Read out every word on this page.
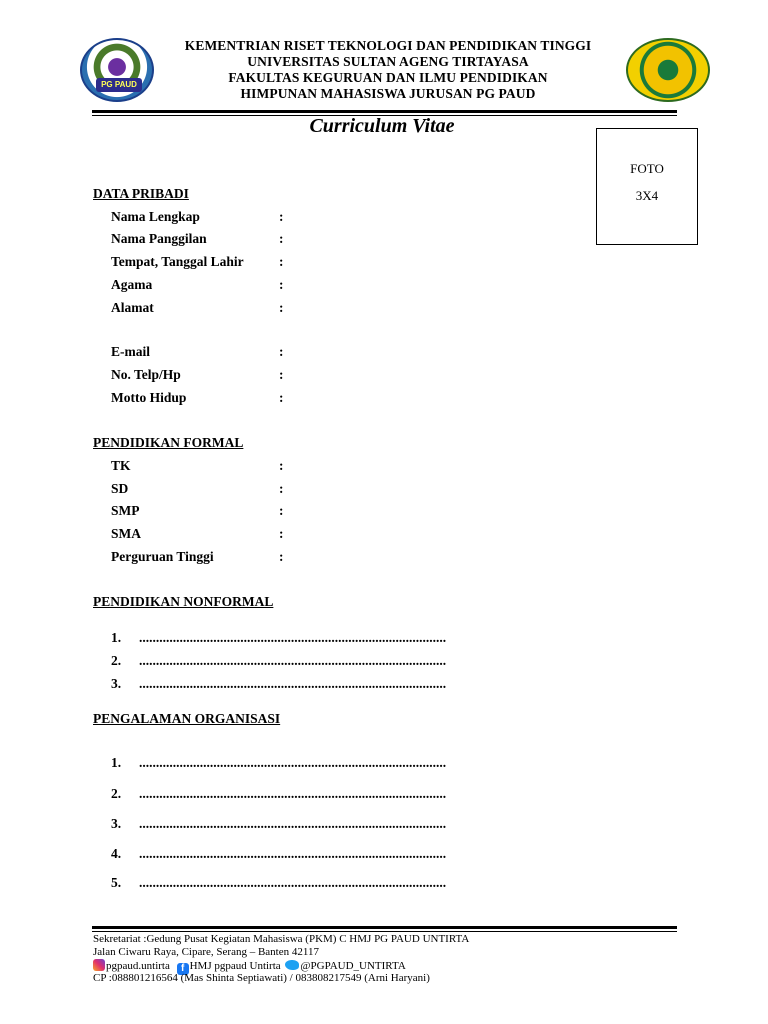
PG PAUD
KEMENTRIAN RISET TEKNOLOGI DAN PENDIDIKAN TINGGI
UNIVERSITAS SULTAN AGENG TIRTAYASA
FAKULTAS KEGURUAN DAN ILMU PENDIDIKAN
HIMPUNAN MAHASISWA JURUSAN PG PAUD
Curriculum Vitae
FOTO
3X4
DATA PRIBADI
Nama Lengkap	:
Nama Panggilan	:
Tempat, Tanggal Lahir	:
Agama	:
Alamat	:
E-mail	:
No. Telp/Hp	:
Motto Hidup	:
PENDIDIKAN FORMAL
TK	:
SD	:
SMP	:
SMA	:
Perguruan Tinggi	:
PENDIDIKAN NONFORMAL
1. ...........................................................................................
2. ...........................................................................................
3. ...........................................................................................
PENGALAMAN ORGANISASI
1. ...........................................................................................
2. ...........................................................................................
3. ...........................................................................................
4. ...........................................................................................
5. ...........................................................................................
Sekretariat :Gedung Pusat Kegiatan Mahasiswa (PKM) C HMJ PG PAUD UNTIRTA
Jalan Ciwaru Raya, Cipare, Serang – Banten 42117
pgpaud.untirta f HMJ pgpaud Untirta @PGPAUD_UNTIRTA
CP :088801216564 (Mas Shinta Septiawati) / 083808217549 (Arni Haryani)
